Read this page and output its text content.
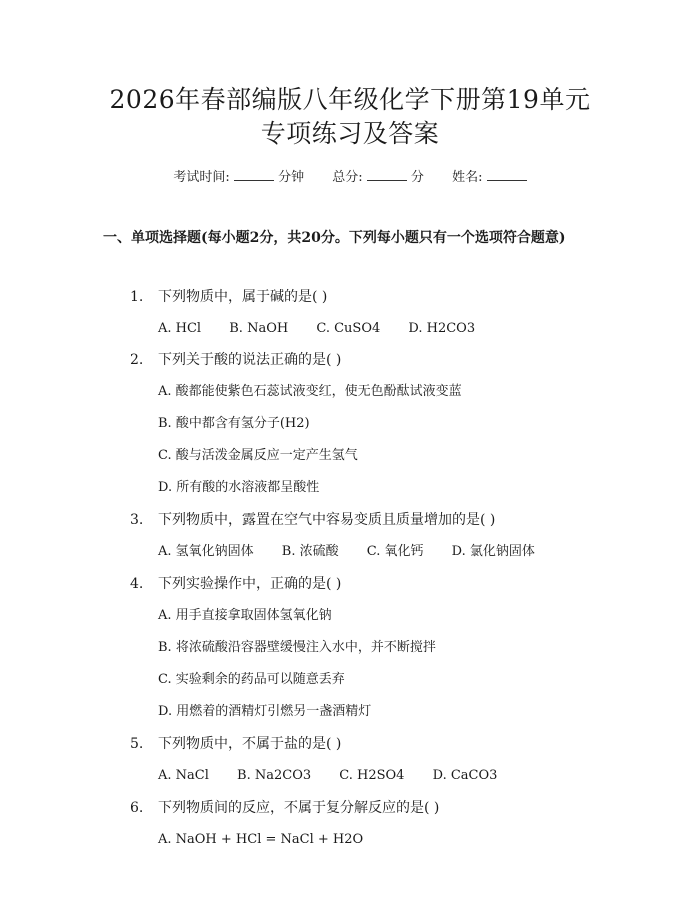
2026年春部编版八年级化学下册第19单元
专项练习及答案
考试时间:	分钟 总分:	分 姓名:
一、单项选择题(每小题2分，共20分。下列每小题只有一个选项符合题意)
1. 下列物质中，属于碱的是( )
A. HCl B. NaOH C. CuSO4 D. H2CO3
2. 下列关于酸的说法正确的是( )
A. 酸都能使紫色石蕊试液变红，使无色酚酞试液变蓝
B. 酸中都含有氢分子(H2)
C. 酸与活泼金属反应一定产生氢气
D. 所有酸的水溶液都呈酸性
3. 下列物质中，露置在空气中容易变质且质量增加的是( )
A. 氢氧化钠固体 B. 浓硫酸 C. 氧化钙 D. 氯化钠固体
4. 下列实验操作中，正确的是( )
A. 用手直接拿取固体氢氧化钠
B. 将浓硫酸沿容器壁缓慢注入水中，并不断搅拌
C. 实验剩余的药品可以随意丢弃
D. 用燃着的酒精灯引燃另一盏酒精灯
5. 下列物质中，不属于盐的是( )
A. NaCl B. Na2CO3 C. H2SO4 D. CaCO3
6. 下列物质间的反应，不属于复分解反应的是( )
A. NaOH + HCl = NaCl + H2O
